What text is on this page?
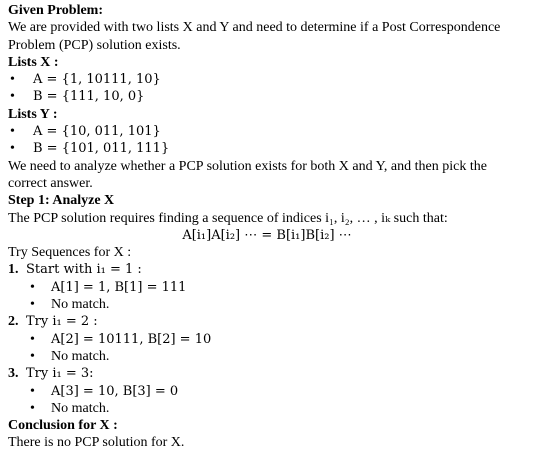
Given Problem:
We are provided with two lists X and Y and need to determine if a Post Correspondence Problem (PCP) solution exists.
Lists X :
• A = {1, 10111, 10}
• B = {111, 10, 0}
Lists Y :
• A = {10, 011, 101}
• B = {101, 011, 111}
We need to analyze whether a PCP solution exists for both X and Y, and then pick the correct answer.
Step 1: Analyze X
The PCP solution requires finding a sequence of indices i₁, i₂, … , iₖ such that:
A[i₁]A[i₂] ⋯ = B[i₁]B[i₂] ⋯
Try Sequences for X :
1. Start with i₁ = 1 :
• A[1] = 1, B[1] = 111
• No match.
2. Try i₁ = 2 :
• A[2] = 10111, B[2] = 10
• No match.
3. Try i₁ = 3:
• A[3] = 10, B[3] = 0
• No match.
Conclusion for X :
There is no PCP solution for X.
